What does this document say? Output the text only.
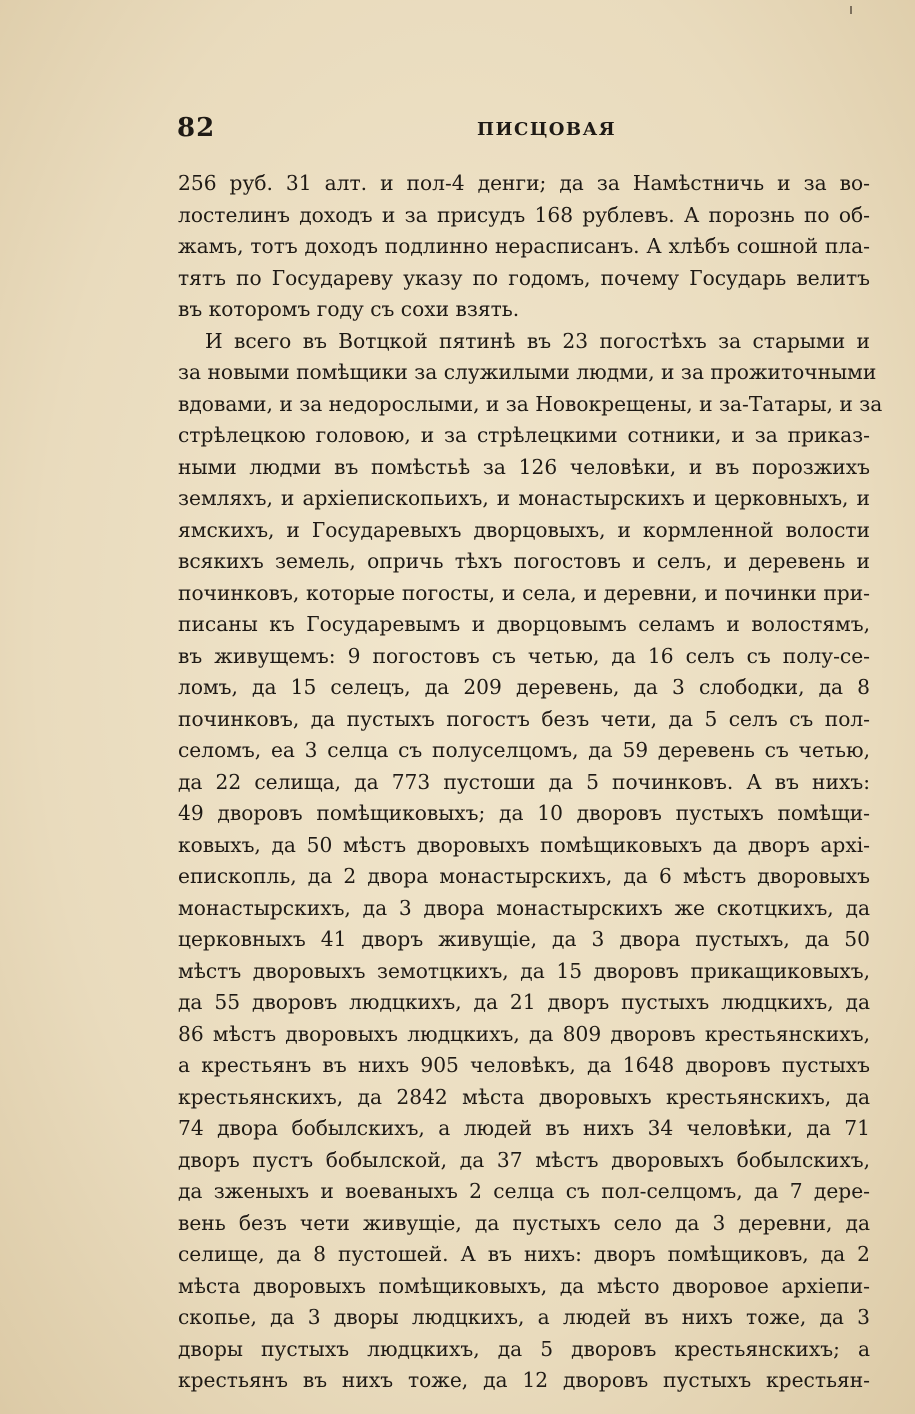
82	ПИСЦОВАЯ
256 руб. 31 алт. и пол-4 денги; да за Намѣстничь и за во-
лостелинъ доходъ и за присудъ 168 рублевъ. А порознь по об-
жамъ, тотъ доходъ подлинно нерасписанъ. А хлѣбъ сошной пла-
тятъ по Государеву указу по годомъ, почему Государь велитъ
въ которомъ году съ сохи взять.
И всего въ Вотцкой пятинѣ въ 23 погостѣхъ за старыми и
за новыми помѣщики за служилыми людми, и за прожиточными
вдовами, и за недорослыми, и за Новокрещены, и за-Татары, и за
стрѣлецкою головою, и за стрѣлецкими сотники, и за приказ-
ными людми въ помѣстьѣ за 126 человѣки, и въ порозжихъ
земляхъ, и архіепископьихъ, и монастырскихъ и церковныхъ, и
ямскихъ, и Государевыхъ дворцовыхъ, и кормленной волости
всякихъ земель, опричь тѣхъ погостовъ и селъ, и деревень и
починковъ, которые погосты, и села, и деревни, и починки при-
писаны къ Государевымъ и дворцовымъ селамъ и волостямъ,
въ живущемъ: 9 погостовъ съ четью, да 16 селъ съ полу-се-
ломъ, да 15 селецъ, да 209 деревень, да 3 слободки, да 8
починковъ, да пустыхъ погостъ безъ чети, да 5 селъ съ пол-
селомъ, еа 3 селца съ полуселцомъ, да 59 деревень съ четью,
да 22 селища, да 773 пустоши да 5 починковъ. А въ нихъ:
49 дворовъ помѣщиковыхъ; да 10 дворовъ пустыхъ помѣщи-
ковыхъ, да 50 мѣстъ дворовыхъ помѣщиковыхъ да дворъ архі-
епископль, да 2 двора монастырскихъ, да 6 мѣстъ дворовыхъ
монастырскихъ, да 3 двора монастырскихъ же скотцкихъ, да
церковныхъ 41 дворъ живущіе, да 3 двора пустыхъ, да 50
мѣстъ дворовыхъ земотцкихъ, да 15 дворовъ прикащиковыхъ,
да 55 дворовъ людцкихъ, да 21 дворъ пустыхъ людцкихъ, да
86 мѣстъ дворовыхъ людцкихъ, да 809 дворовъ крестьянскихъ,
а крестьянъ въ нихъ 905 человѣкъ, да 1648 дворовъ пустыхъ
крестьянскихъ, да 2842 мѣста дворовыхъ крестьянскихъ, да
74 двора бобылскихъ, а людей въ нихъ 34 человѣки, да 71
дворъ пустъ бобылской, да 37 мѣстъ дворовыхъ бобылскихъ,
да зженыхъ и воеваныхъ 2 селца съ пол-селцомъ, да 7 дере-
вень безъ чети живущіе, да пустыхъ село да 3 деревни, да
селище, да 8 пустошей. А въ нихъ: дворъ помѣщиковъ, да 2
мѣста дворовыхъ помѣщиковыхъ, да мѣсто дворовое архіепи-
скопье, да 3 дворы людцкихъ, а людей въ нихъ тоже, да 3
дворы пустыхъ людцкихъ, да 5 дворовъ крестьянскихъ; а
крестьянъ въ нихъ тоже, да 12 дворовъ пустыхъ крестьян-
